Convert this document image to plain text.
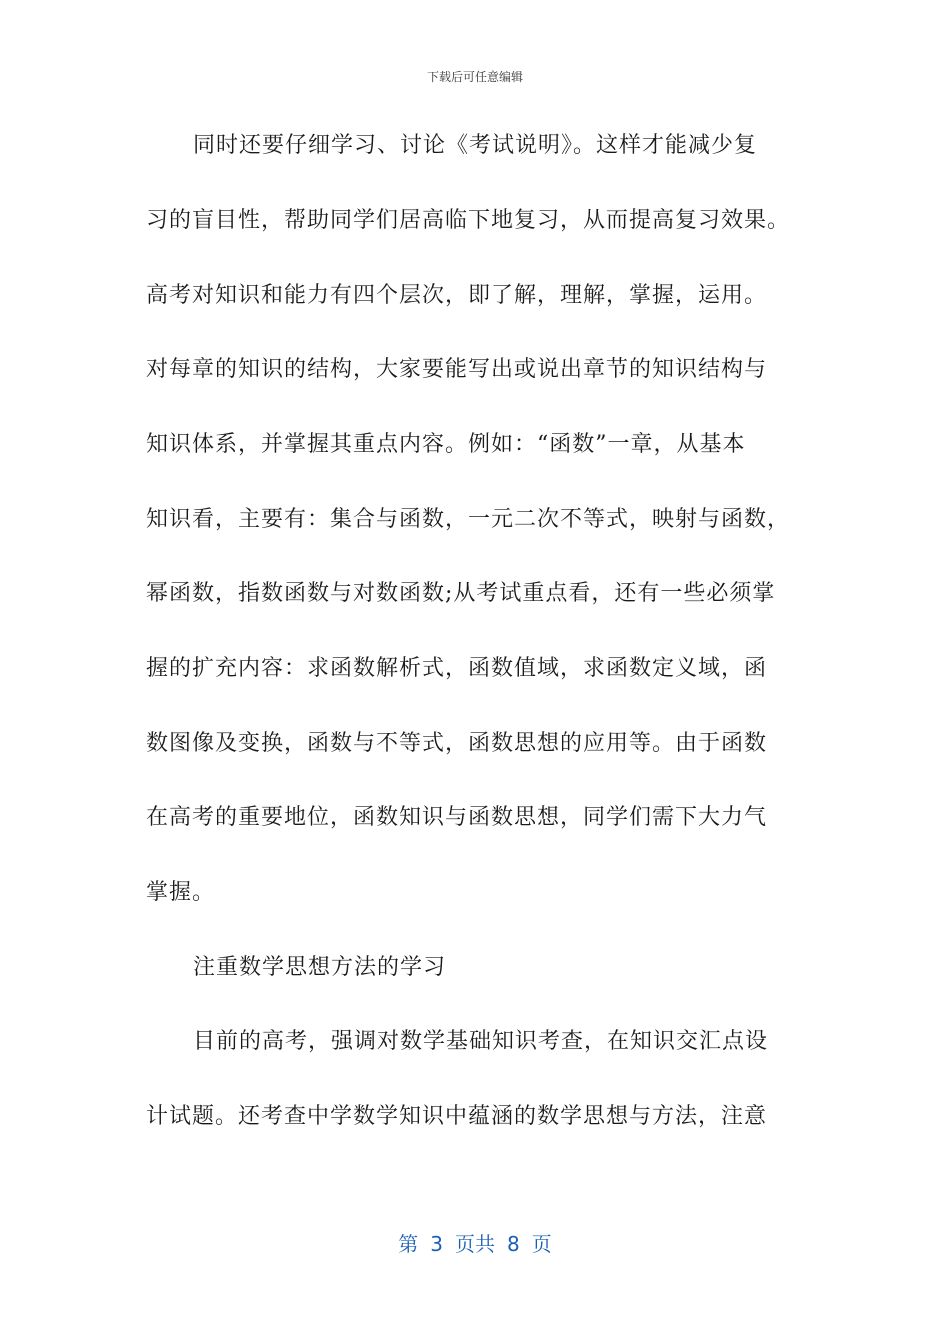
下载后可任意编辑
同时还要仔细学习、讨论《考试说明》。这样才能减少复
习的盲目性，帮助同学们居高临下地复习，从而提高复习效果。
高考对知识和能力有四个层次，即了解，理解，掌握，运用。
对每章的知识的结构，大家要能写出或说出章节的知识结构与
知识体系，并掌握其重点内容。例如：“函数”一章，从基本
知识看，主要有：集合与函数，一元二次不等式，映射与函数，
幂函数，指数函数与对数函数;从考试重点看，还有一些必须掌
握的扩充内容：求函数解析式，函数值域，求函数定义域，函
数图像及变换，函数与不等式，函数思想的应用等。由于函数
在高考的重要地位，函数知识与函数思想，同学们需下大力气
掌握。
注重数学思想方法的学习
目前的高考，强调对数学基础知识考查，在知识交汇点设
计试题。还考查中学数学知识中蕴涵的数学思想与方法，注意
第 3 页共 8 页
